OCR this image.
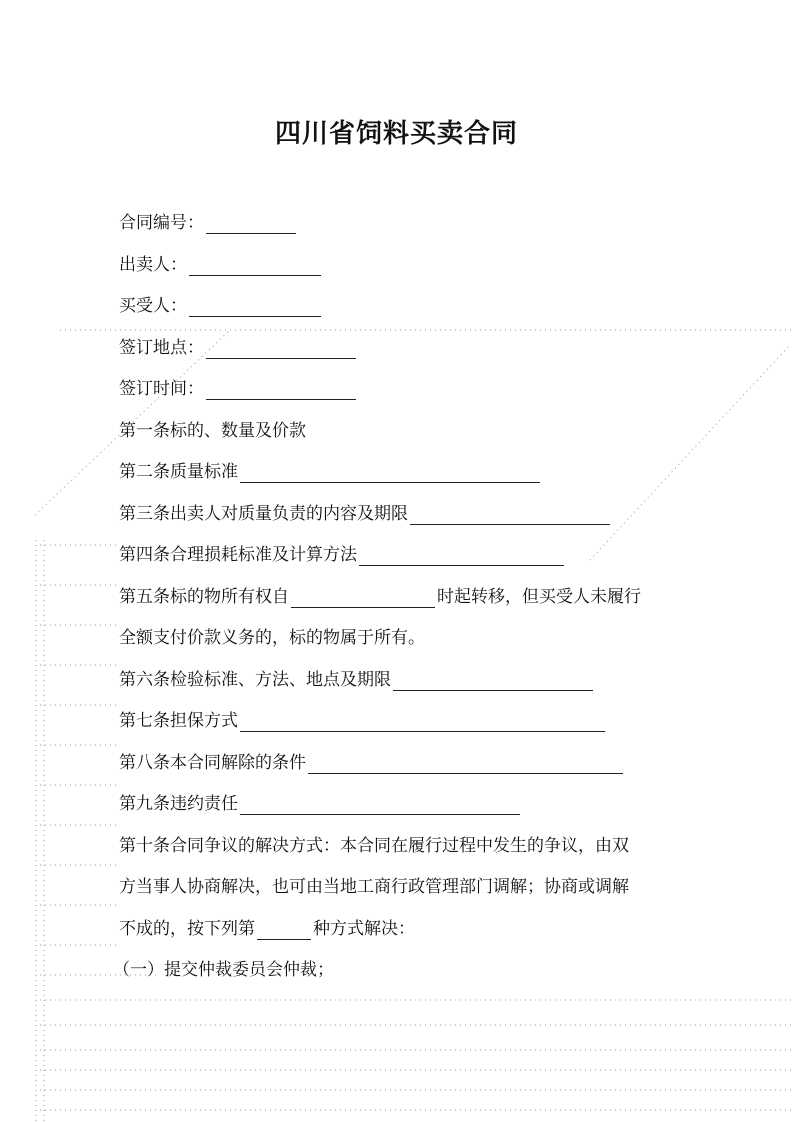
四川省饲料买卖合同
合同编号：
出卖人：
买受人：
签订地点：
签订时间：
第一条标的、数量及价款
第二条质量标准
第三条出卖人对质量负责的内容及期限
第四条合理损耗标准及计算方法
第五条标的物所有权自	时起转移，但买受人未履行
全额支付价款义务的，标的物属于所有。
第六条检验标准、方法、地点及期限
第七条担保方式
第八条本合同解除的条件
第九条违约责任
第十条合同争议的解决方式：本合同在履行过程中发生的争议，由双
方当事人协商解决，也可由当地工商行政管理部门调解；协商或调解
不成的，按下列第	种方式解决：
（一）提交仲裁委员会仲裁；
